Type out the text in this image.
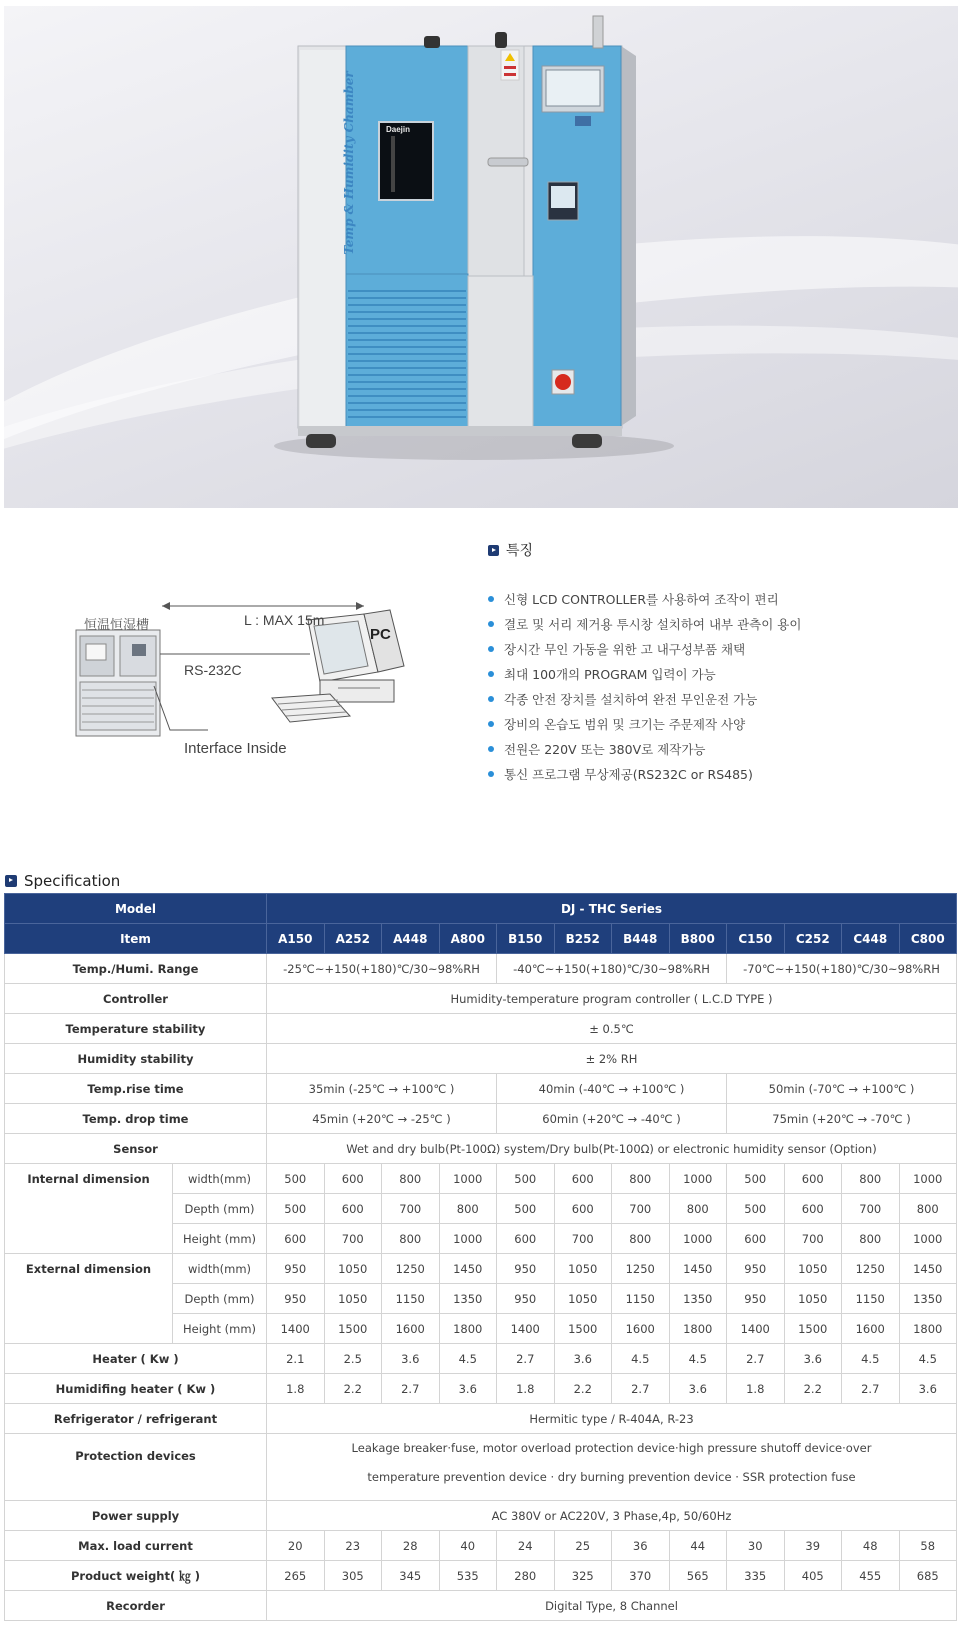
Temp & Humidity Chamber	Daejin
恒温恒湿槽	L : MAX 15m
PC
RS-232C
Interface Inside
특징
신형 LCD CONTROLLER를 사용하여 조작이 편리
결로 및 서리 제거용 투시창 설치하여 내부 관측이 용이
장시간 무인 가동을 위한 고 내구성부품 채택
최대 100개의 PROGRAM 입력이 가능
각종 안전 장치를 설치하여 완전 무인운전 가능
장비의 온습도 범위 및 크기는 주문제작 사양
전원은 220V 또는 380V로 제작가능
통신 프로그램 무상제공(RS232C or RS485)
Specification
Model		DJ - THC Series											
Item		A150	A252	A448	A800	B150	B252	B448	B800	C150	C252	C448	C800
Temp./Humi. Range		-25℃~+150(+180)℃/30~98%RH				-40℃~+150(+180)℃/30~98%RH				-70℃~+150(+180)℃/30~98%RH			
Controller		Humidity-temperature program controller ( L.C.D TYPE )											
Temperature stability		± 0.5℃											
Humidity stability		± 2% RH											
Temp.rise time		35min (-25℃ → +100℃ )				40min (-40℃ → +100℃ )				50min (-70℃ → +100℃ )			
Temp. drop time		45min (+20℃ → -25℃ )				60min (+20℃ → -40℃ )				75min (+20℃ → -70℃ )			
Sensor		Wet and dry bulb(Pt-100Ω) system/Dry bulb(Pt-100Ω) or electronic humidity sensor (Option)											
Internal dimension	width(mm)	500	600	800	1000	500	600	800	1000	500	600	800	1000
	Depth (mm)	500	600	700	800	500	600	700	800	500	600	700	800
	Height (mm)	600	700	800	1000	600	700	800	1000	600	700	800	1000
External dimension	width(mm)	950	1050	1250	1450	950	1050	1250	1450	950	1050	1250	1450
	Depth (mm)	950	1050	1150	1350	950	1050	1150	1350	950	1050	1150	1350
	Height (mm)	1400	1500	1600	1800	1400	1500	1600	1800	1400	1500	1600	1800
Heater ( Kw )		2.1	2.5	3.6	4.5	2.7	3.6	4.5	4.5	2.7	3.6	4.5	4.5
Humidifing heater ( Kw )		1.8	2.2	2.7	3.6	1.8	2.2	2.7	3.6	1.8	2.2	2.7	3.6
Refrigerator / refrigerant		Hermitic type / R-404A, R-23											
Protection devices		Leakage breaker·fuse, motor overload protection device·high pressure shutoff device·over
temperature prevention device · dry burning prevention device · SSR protection fuse											

Power supply		AC 380V or AC220V, 3 Phase,4p, 50/60Hz											
Max. load current		20	23	28	40	24	25	36	44	30	39	48	58
Product weight( ㎏ )		265	305	345	535	280	325	370	565	335	405	455	685
Recorder		Digital Type, 8 Channel											
